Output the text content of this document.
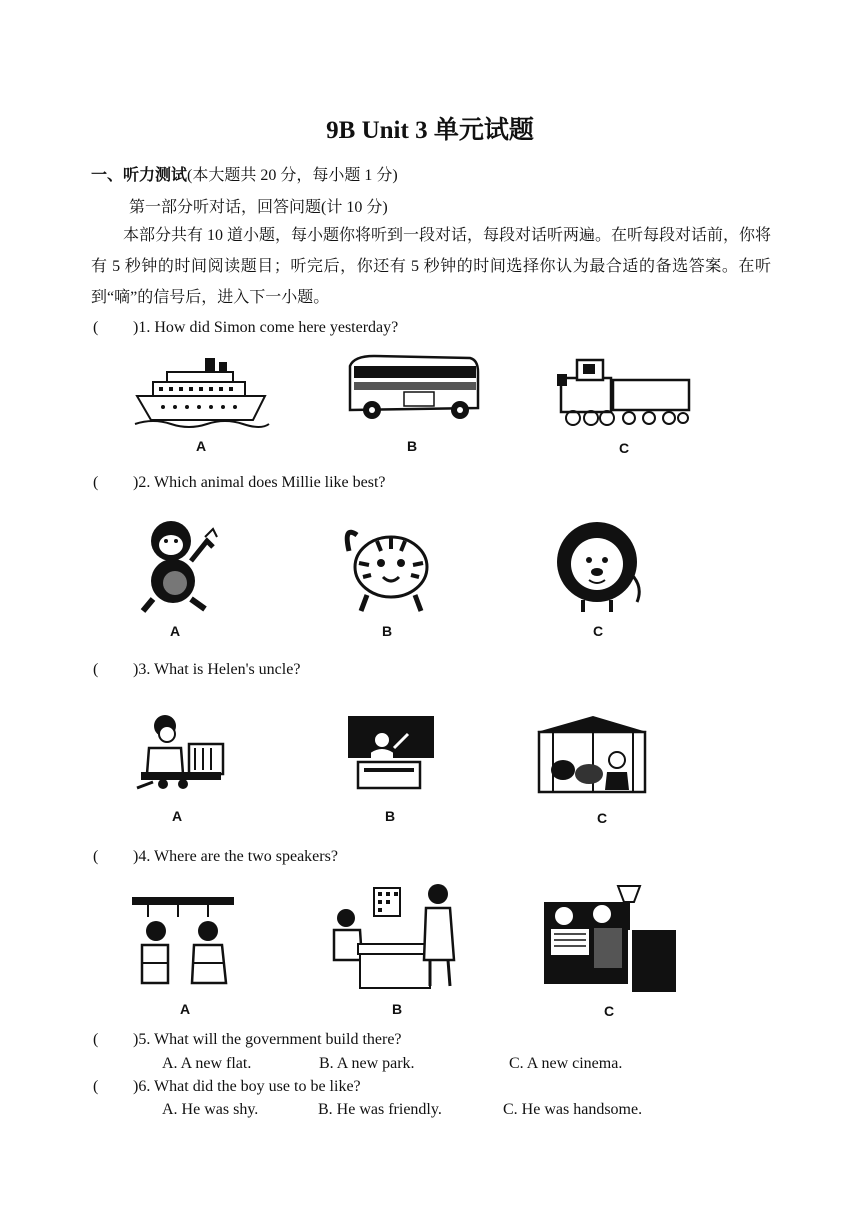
9B Unit 3 单元试题
一、听力测试(本大题共 20 分，每小题 1 分)
第一部分听对话，回答问题(计 10 分)
本部分共有 10 道小题，每小题你将听到一段对话，每段对话听两遍。在听每段对话前，你将有 5 秒钟的时间阅读题目；听完后，你还有 5 秒钟的时间选择你认为最合适的备选答案。在听到“嘀”的信号后，进入下一小题。
( )1. How did Simon come here yesterday?
A	B	C
( )2. Which animal does Millie like best?
A	B	C
( )3. What is Helen's uncle?
A	B	C
( )4. Where are the two speakers?
A	B	C
( )5. What will the government build there?
A. A new flat.	B. A new park.	C. A new cinema.
( )6. What did the boy use to be like?
A. He was shy.	B. He was friendly.	C. He was handsome.
